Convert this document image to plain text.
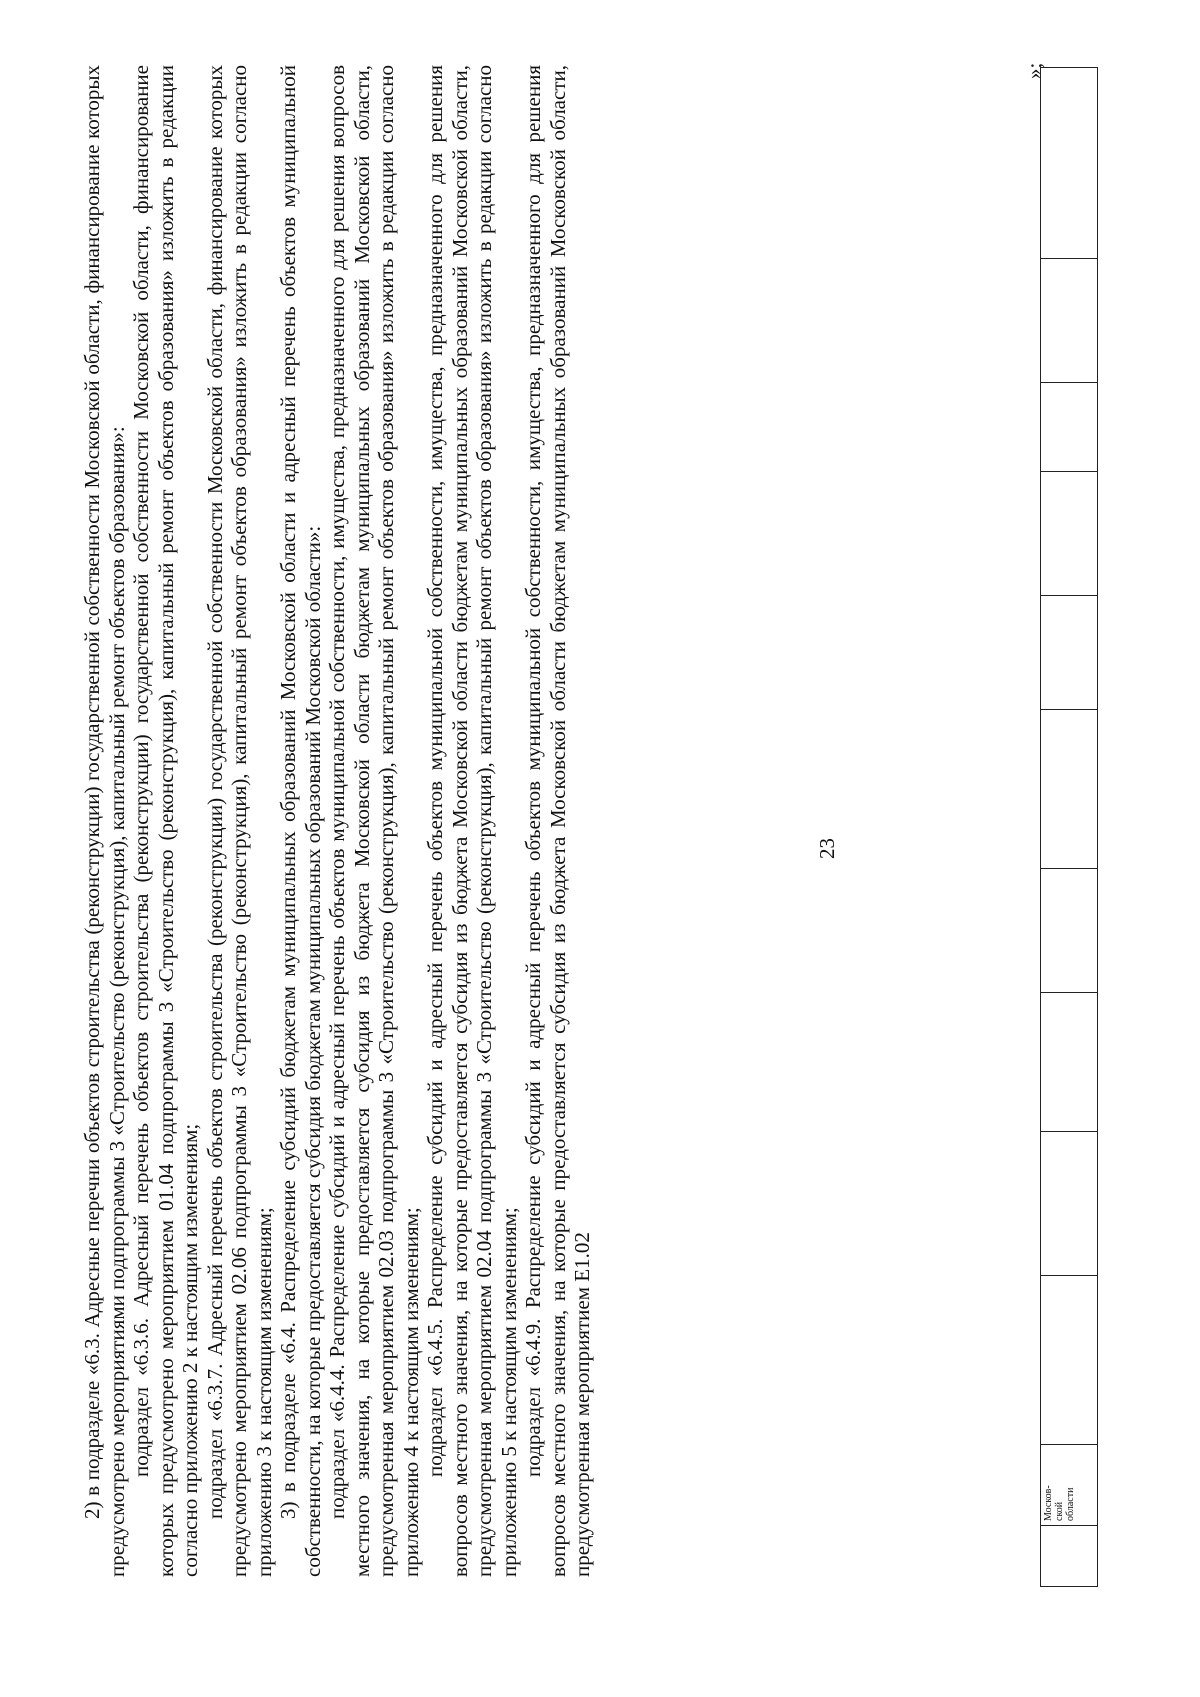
23
	Москов-
ской
области										
»;

2) в подразделе «6.3. Адресные перечни объектов строительства (реконструкции) государственной собственности Московской области, финансирование которых предусмотрено мероприятиями подпрограммы 3 «Строительство (реконструкция), капитальный ремонт объектов образования»: подраздел «6.3.6. Адресный перечень объектов строительства (реконструкции) государственной собственности Московской области, финансирование которых предусмотрено мероприятием 01.04 подпрограммы 3 «Строительство (реконструкция), капитальный ремонт объектов образования» изложить в редакции согласно приложению 2 к настоящим изменениям; подраздел «6.3.7. Адресный перечень объектов строительства (реконструкции) государственной собственности Московской области, финансирование которых предусмотрено мероприятием 02.06 подпрограммы 3 «Строительство (реконструкция), капитальный ремонт объектов образования» изложить в редакции согласно приложению 3 к настоящим изменениям; 3) в подразделе «6.4. Распределение субсидий бюджетам муниципальных образований Московской области и адресный перечень объектов муниципальной собственности, на которые предоставляется субсидия бюджетам муниципальных образований Московской области»: подраздел «6.4.4. Распределение субсидий и адресный перечень объектов муниципальной собственности, имущества, предназначенного для решения вопросов местного значения, на которые предоставляется субсидия из бюджета Московской области бюджетам муниципальных образований Московской области, предусмотренная мероприятием 02.03 подпрограммы 3 «Строительство (реконструкция), капитальный ремонт объектов образования» изложить в редакции согласно приложению 4 к настоящим изменениям; подраздел «6.4.5. Распределение субсидий и адресный перечень объектов муниципальной собственности, имущества, предназначенного для решения вопросов местного значения, на которые предоставляется субсидия из бюджета Московской области бюджетам муниципальных образований Московской области, предусмотренная мероприятием 02.04 подпрограммы 3 «Строительство (реконструкция), капитальный ремонт объектов образования» изложить в редакции согласно приложению 5 к настоящим изменениям; подраздел «6.4.9. Распределение субсидий и адресный перечень объектов муниципальной собственности, имущества, предназначенного для решения вопросов местного значения, на которые предоставляется субсидия из бюджета Московской области бюджетам муниципальных образований Московской области, предусмотренная мероприятием E1.02
